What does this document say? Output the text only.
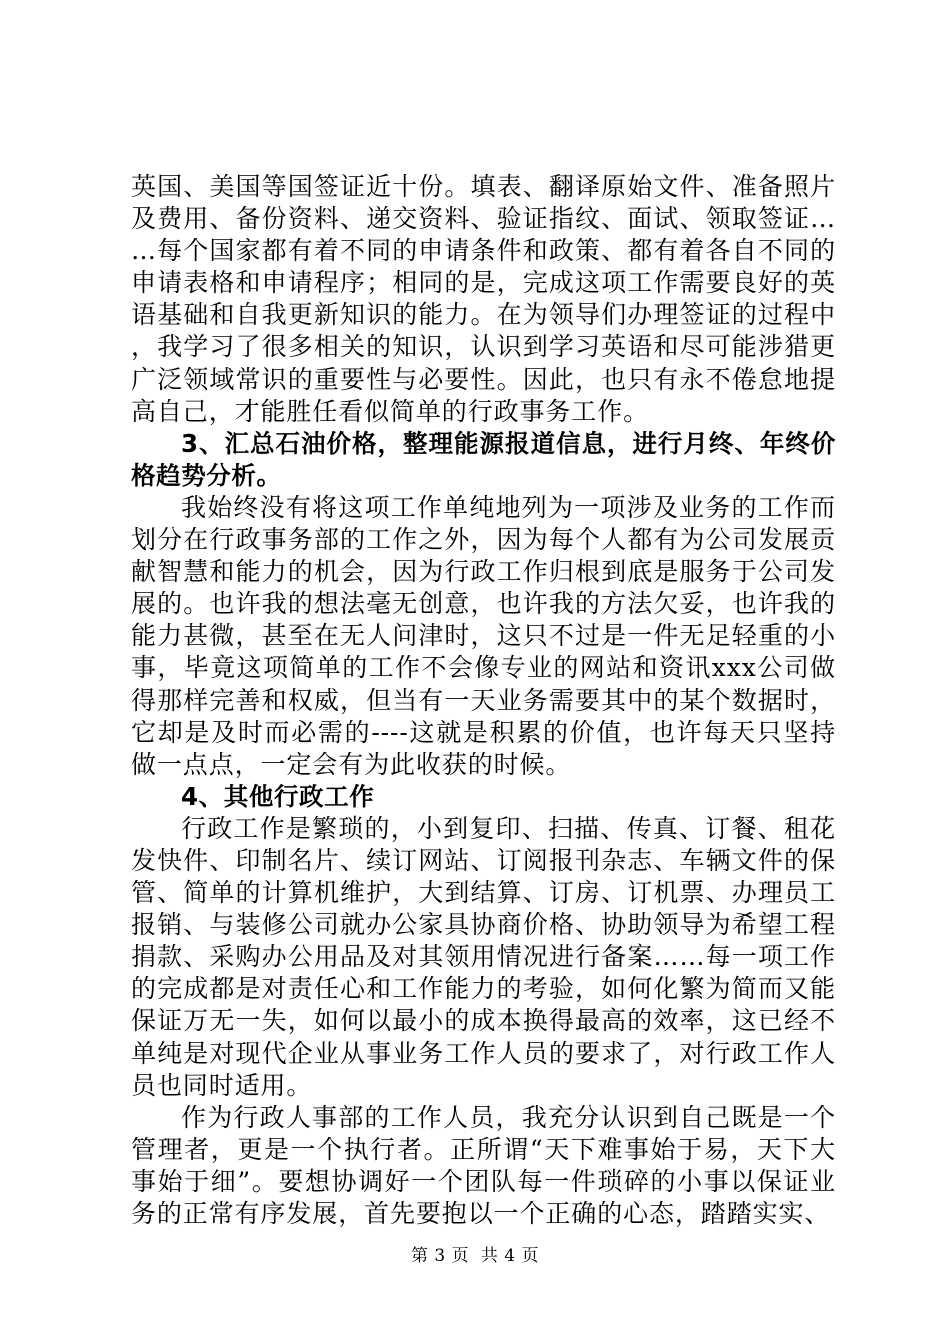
英国、美国等国签证近十份。填表、翻译原始文件、准备照片及费用、备份资料、递交资料、验证指纹、面试、领取签证……每个国家都有着不同的申请条件和政策、都有着各自不同的申请表格和申请程序；相同的是，完成这项工作需要良好的英语基础和自我更新知识的能力。在为领导们办理签证的过程中，我学习了很多相关的知识，认识到学习英语和尽可能涉猎更广泛领域常识的重要性与必要性。因此，也只有永不倦怠地提高自己，才能胜任看似简单的行政事务工作。

3、汇总石油价格，整理能源报道信息，进行月终、年终价格趋势分析。

我始终没有将这项工作单纯地列为一项涉及业务的工作而划分在行政事务部的工作之外，因为每个人都有为公司发展贡献智慧和能力的机会，因为行政工作归根到底是服务于公司发展的。也许我的想法毫无创意，也许我的方法欠妥，也许我的能力甚微，甚至在无人问津时，这只不过是一件无足轻重的小事，毕竟这项简单的工作不会像专业的网站和资讯xxx公司做得那样完善和权威，但当有一天业务需要其中的某个数据时，它却是及时而必需的----这就是积累的价值，也许每天只坚持做一点点，一定会有为此收获的时候。

4、其他行政工作

行政工作是繁琐的，小到复印、扫描、传真、订餐、租花发快件、印制名片、续订网站、订阅报刊杂志、车辆文件的保管、简单的计算机维护，大到结算、订房、订机票、办理员工报销、与装修公司就办公家具协商价格、协助领导为希望工程捐款、采购办公用品及对其领用情况进行备案……每一项工作的完成都是对责任心和工作能力的考验，如何化繁为简而又能保证万无一失，如何以最小的成本换得最高的效率，这已经不单纯是对现代企业从事业务工作人员的要求了，对行政工作人员也同时适用。

作为行政人事部的工作人员，我充分认识到自己既是一个管理者，更是一个执行者。正所谓“天下难事始于易，天下大事始于细”。要想协调好一个团队每一件琐碎的小事以保证业务的正常有序发展，首先要抱以一个正确的心态，踏踏实实、

第 3 页  共 4 页
